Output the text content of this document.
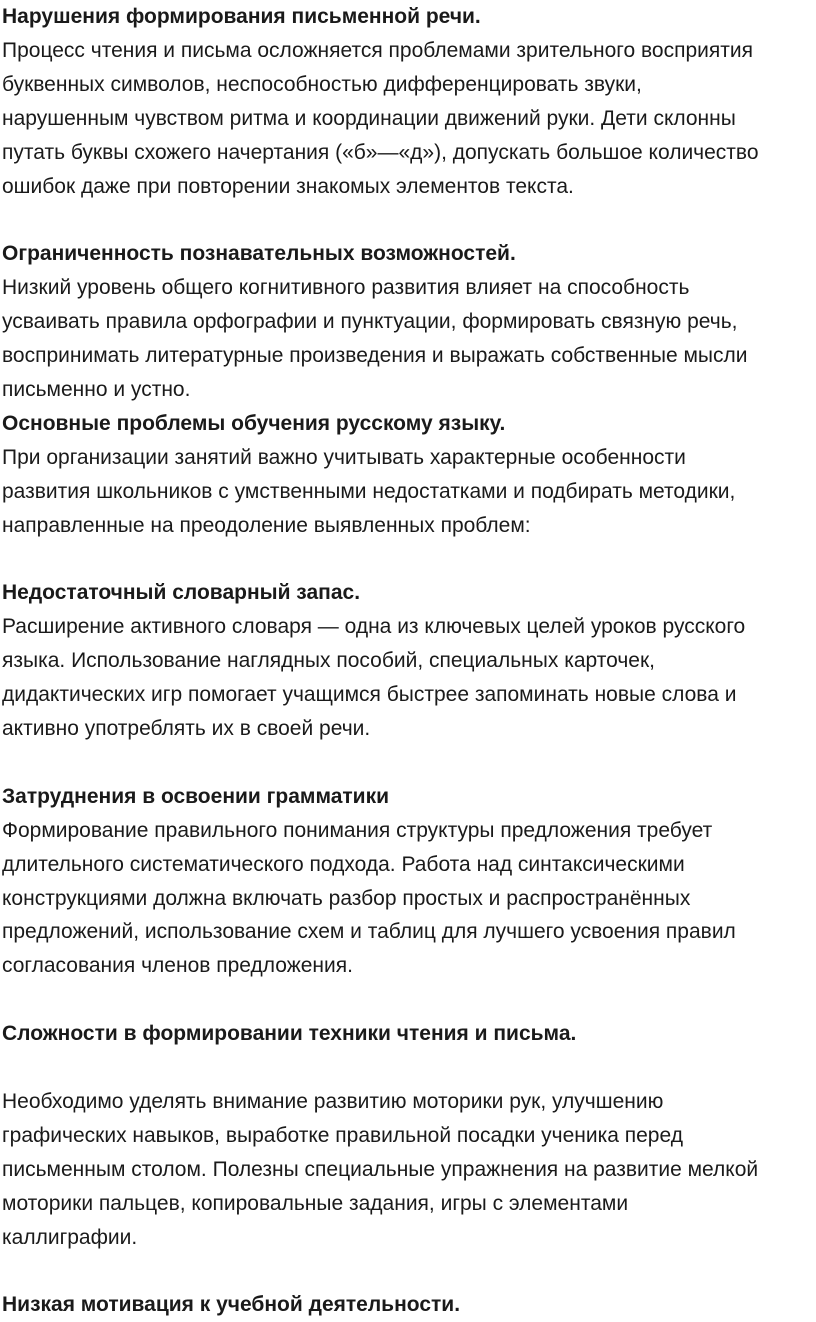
Нарушения формирования письменной речи.
Процесс чтения и письма осложняется проблемами зрительного восприятия
буквенных символов, неспособностью дифференцировать звуки,
нарушенным чувством ритма и координации движений руки. Дети склонны
путать буквы схожего начертания («б»—«д»), допускать большое количество
ошибок даже при повторении знакомых элементов текста.
Ограниченность познавательных возможностей.
Низкий уровень общего когнитивного развития влияет на способность
усваивать правила орфографии и пунктуации, формировать связную речь,
воспринимать литературные произведения и выражать собственные мысли
письменно и устно.
Основные проблемы обучения русскому языку.
При организации занятий важно учитывать характерные особенности
развития школьников с умственными недостатками и подбирать методики,
направленные на преодоление выявленных проблем:
Недостаточный словарный запас.
Расширение активного словаря — одна из ключевых целей уроков русского
языка. Использование наглядных пособий, специальных карточек,
дидактических игр помогает учащимся быстрее запоминать новые слова и
активно употреблять их в своей речи.
Затруднения в освоении грамматики
Формирование правильного понимания структуры предложения требует
длительного систематического подхода. Работа над синтаксическими
конструкциями должна включать разбор простых и распространённых
предложений, использование схем и таблиц для лучшего усвоения правил
согласования членов предложения.
Сложности в формировании техники чтения и письма.
Необходимо уделять внимание развитию моторики рук, улучшению
графических навыков, выработке правильной посадки ученика перед
письменным столом. Полезны специальные упражнения на развитие мелкой
моторики пальцев, копировальные задания, игры с элементами
каллиграфии.
Низкая мотивация к учебной деятельности.
